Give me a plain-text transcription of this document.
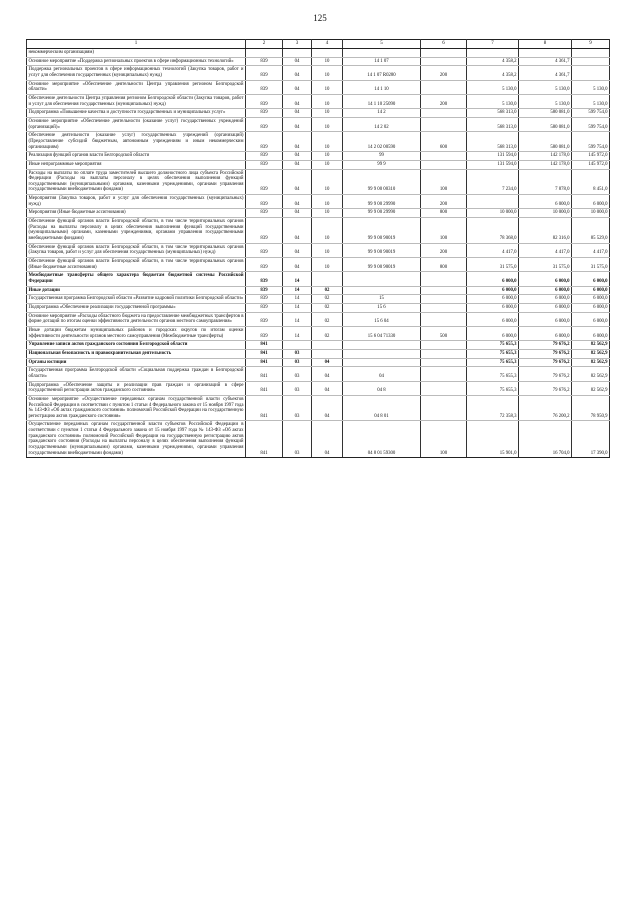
125
1	2	3	4	5	6	7	8	9
некоммерческим организациям)								
Основное мероприятие «Поддержка региональных проектов в сфере информационных технологий»	839	04	10	14 1 07		4 358,2	4 361,7	
Поддержка региональных проектов в сфере информационных технологий (Закупка товаров, работ и услуг для обеспечения государственных (муниципальных) нужд)	839	04	10	14 1 07 R0280	200	4 358,2	4 361,7	
Основное мероприятие «Обеспечение деятельности Центра управления регионом Белгородской области»	839	04	10	14 1 10		5 130,0	5 130,0	5 130,0
Обеспечение деятельности Центра управления регионом Белгородской области (Закупка товаров, работ и услуг для обеспечения государственных (муниципальных) нужд)	839	04	10	14 1 10 25090	200	5 130,0	5 130,0	5 130,0
Подпрограмма «Повышение качества и доступности государственных и муниципальных услуг»	839	04	10	14 2		568 313,0	580 081,0	599 754,0
Основное мероприятие «Обеспечение деятельности (оказание услуг) государственных учреждений (организаций)»	839	04	10	14 2 02		568 313,0	580 081,0	599 754,0
Обеспечение деятельности (оказание услуг) государственных учреждений (организаций) (Предоставление субсидий бюджетным, автономным учреждениям и иным некоммерческим организациям)	839	04	10	14 2 02 00590	600	568 313,0	580 081,0	599 754,0
Реализация функций органов власти Белгородской области	839	04	10	99		131 594,0	142 178,0	145 972,0
Иные непрограммные мероприятия	839	04	10	99 9		131 594,0	142 178,0	145 972,0
Расходы на выплаты по оплате труда заместителей высшего должностного лица субъекта Российской Федерации (Расходы на выплаты персоналу в целях обеспечения выполнения функций государственными (муниципальными) органами, казенными учреждениями, органами управления государственными внебюджетными фондами)	839	04	10	99 9 00 00310	100	7 234,0	7 878,0	8 451,0
Мероприятия (Закупка товаров, работ и услуг для обеспечения государственных (муниципальных) нужд)	839	04	10	99 9 00 29990	200		6 000,0	6 000,0
Мероприятия (Иные бюджетные ассигнования)	839	04	10	99 9 00 29990	800	10 000,0	10 000,0	10 000,0
Обеспечение функций органов власти Белгородской области, в том числе территориальных органов (Расходы на выплаты персоналу в целях обеспечения выполнения функций государственными (муниципальными) органами, казенными учреждениями, органами управления государственными внебюджетными фондами)	839	04	10	99 9 00 90019	100	78 368,0	82 316,0	85 529,0
Обеспечение функций органов власти Белгородской области, в том числе территориальных органов (Закупка товаров, работ и услуг для обеспечения государственных (муниципальных) нужд)	839	04	10	99 9 00 90019	200	4 417,0	4 417,0	4 417,0
Обеспечение функций органов власти Белгородской области, в том числе территориальных органов (Иные бюджетные ассигнования)	839	04	10	99 9 00 90019	800	31 575,0	31 575,0	31 575,0
Межбюджетные трансферты общего характера бюджетам бюджетной системы Российской Федерации	839	14				6 000,0	6 000,0	6 000,0
Иные дотации	839	14	02			6 000,0	6 000,0	6 000,0
Государственная программа Белгородской области «Развитие кадровой политики Белгородской области»	839	14	02	15		6 000,0	6 000,0	6 000,0
Подпрограмма «Обеспечение реализации государственной программы»	839	14	02	15 6		6 000,0	6 000,0	6 000,0
Основное мероприятие «Расходы областного бюджета на предоставление межбюджетных трансфертов в форме дотаций по итогам оценки эффективности деятельности органов местного самоуправления»	839	14	02	15 6 04		6 000,0	6 000,0	6 000,0
Иные дотации бюджетам муниципальных районов и городских округов по итогам оценки эффективности деятельности органов местного самоуправления (Межбюджетные трансферты)	839	14	02	15 6 04 71330	500	6 000,0	6 000,0	6 000,0
Управление записи актов гражданского состояния Белгородской области	841					75 655,3	79 676,2	82 562,9
Национальная безопасность и правоохранительная деятельность	841	03				75 655,3	79 676,2	82 562,9
Органы юстиции	841	03	04			75 655,3	79 676,2	82 562,9
Государственная программа Белгородской области «Социальная поддержка граждан в Белгородской области»	841	03	04	04		75 655,3	79 676,2	82 562,9
Подпрограмма «Обеспечение защиты и реализации прав граждан и организаций в сфере государственной регистрации актов гражданского состояния»	841	03	04	04 8		75 655,3	79 676,2	82 562,9
Основное мероприятие «Осуществление переданных органам государственной власти субъектов Российской Федерации в соответствии с пунктом 1 статьи 4 Федерального закона от 15 ноября 1997 года № 143-ФЗ «Об актах гражданского состояния» полномочий Российской Федерации на государственную регистрацию актов гражданского состояния»	841	03	04	04 8 01		72 358,3	76 200,2	78 950,9
Осуществление переданных органам государственной власти субъектов Российской Федерации в соответствии с пунктом 1 статьи 4 Федерального закона от 15 ноября 1997 года № 143-ФЗ «Об актах гражданского состояния» полномочий Российской Федерации на государственную регистрацию актов гражданского состояния (Расходы на выплаты персоналу в целях обеспечения выполнения функций государственными (муниципальными) органами, казенными учреждениями, органами управления государственными внебюджетными фондами)	841	03	04	04 8 01 59300	100	15 901,0	16 704,0	17 390,0
